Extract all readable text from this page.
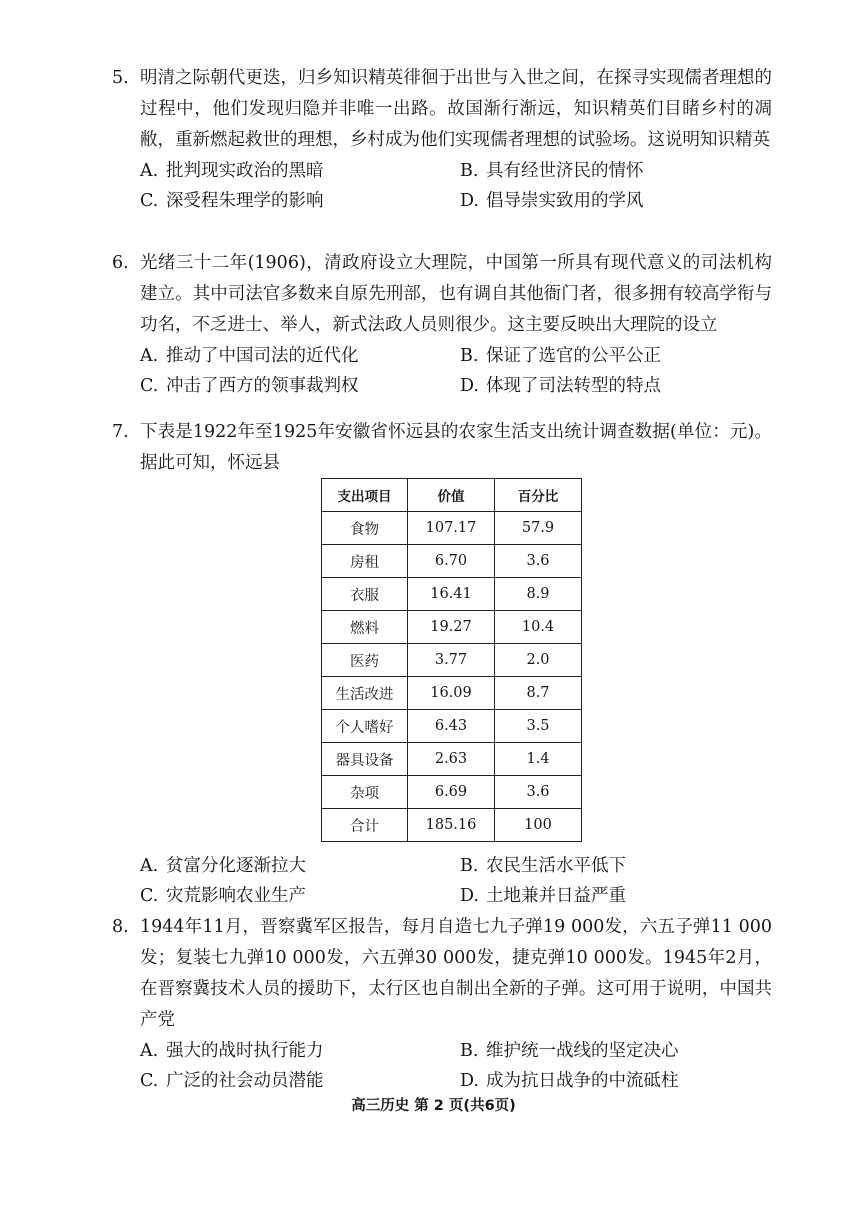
5. 明清之际朝代更迭，归乡知识精英徘徊于出世与入世之间，在探寻实现儒者理想的过程中，他们发现归隐并非唯一出路。故国渐行渐远，知识精英们目睹乡村的凋敝，重新燃起救世的理想，乡村成为他们实现儒者理想的试验场。这说明知识精英
A. 批判现实政治的黑暗	B. 具有经世济民的情怀
C. 深受程朱理学的影响	D. 倡导崇实致用的学风
6. 光绪三十二年(1906)，清政府设立大理院，中国第一所具有现代意义的司法机构建立。其中司法官多数来自原先刑部，也有调自其他衙门者，很多拥有较高学衔与功名，不乏进士、举人，新式法政人员则很少。这主要反映出大理院的设立
A. 推动了中国司法的近代化	B. 保证了选官的公平公正
C. 冲击了西方的领事裁判权	D. 体现了司法转型的特点
7. 下表是1922年至1925年安徽省怀远县的农家生活支出统计调查数据(单位：元)。据此可知，怀远县
支出项目	价值	百分比
食物	107.17	57.9
房租	6.70	3.6
衣服	16.41	8.9
燃料	19.27	10.4
医药	3.77	2.0
生活改进	16.09	8.7
个人嗜好	6.43	3.5
器具设备	2.63	1.4
杂项	6.69	3.6
合计	185.16	100
A. 贫富分化逐渐拉大	B. 农民生活水平低下
C. 灾荒影响农业生产	D. 土地兼并日益严重
8. 1944年11月，晋察冀军区报告，每月自造七九子弹19 000发，六五子弹11 000发；复装七九弹10 000发，六五弹30 000发，捷克弹10 000发。1945年2月，在晋察冀技术人员的援助下，太行区也自制出全新的子弹。这可用于说明，中国共产党
A. 强大的战时执行能力	B. 维护统一战线的坚定决心
C. 广泛的社会动员潜能	D. 成为抗日战争的中流砥柱
高三历史 第 2 页(共6页)
